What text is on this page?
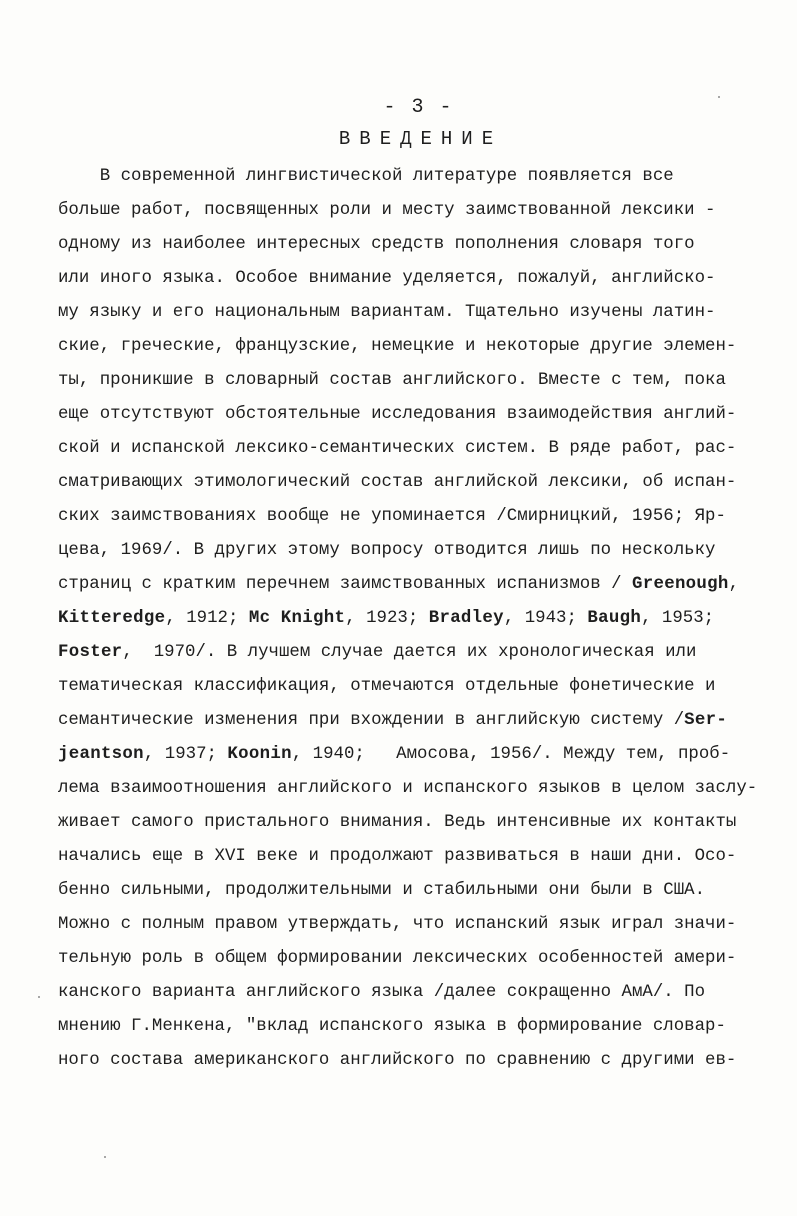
- 3 -
ВВЕДЕНИЕ
В современной лингвистической литературе появляется все
больше работ, посвященных роли и месту заимствованной лексики -
одному из наиболее интересных средств пополнения словаря того
или иного языка. Особое внимание уделяется, пожалуй, английско-
му языку и его национальным вариантам. Тщательно изучены латин-
ские, греческие, французские, немецкие и некоторые другие элемен-
ты, проникшие в словарный состав английского. Вместе с тем, пока
еще отсутствуют обстоятельные исследования взаимодействия англий-
ской и испанской лексико-семантических систем. В ряде работ, рас-
сматривающих этимологический состав английской лексики, об испан-
ских заимствованиях вообще не упоминается /Смирницкий, 1956; Яр-
цева, 1969/. В других этому вопросу отводится лишь по нескольку
страниц с кратким перечнем заимствованных испанизмов / Greenough,
Kitteredge, 1912; Mc Knight, 1923; Bradley, 1943; Baugh, 1953;
Foster,  1970/. В лучшем случае дается их хронологическая или
тематическая классификация, отмечаются отдельные фонетические и
семантические изменения при вхождении в английскую систему /Ser-
jeantson, 1937; Koonin, 1940;   Амосова, 1956/. Между тем, проб-
лема взаимоотношения английского и испанского языков в целом заслу-
живает самого пристального внимания. Ведь интенсивные их контакты
начались еще в XVI веке и продолжают развиваться в наши дни. Осо-
бенно сильными, продолжительными и стабильными они были в США.
Можно с полным правом утверждать, что испанский язык играл значи-
тельную роль в общем формировании лексических особенностей амери-
канского варианта английского языка /далее сокращенно АмА/. По
мнению Г.Менкена, "вклад испанского языка в формирование словар-
ного состава американского английского по сравнению с другими ев-
